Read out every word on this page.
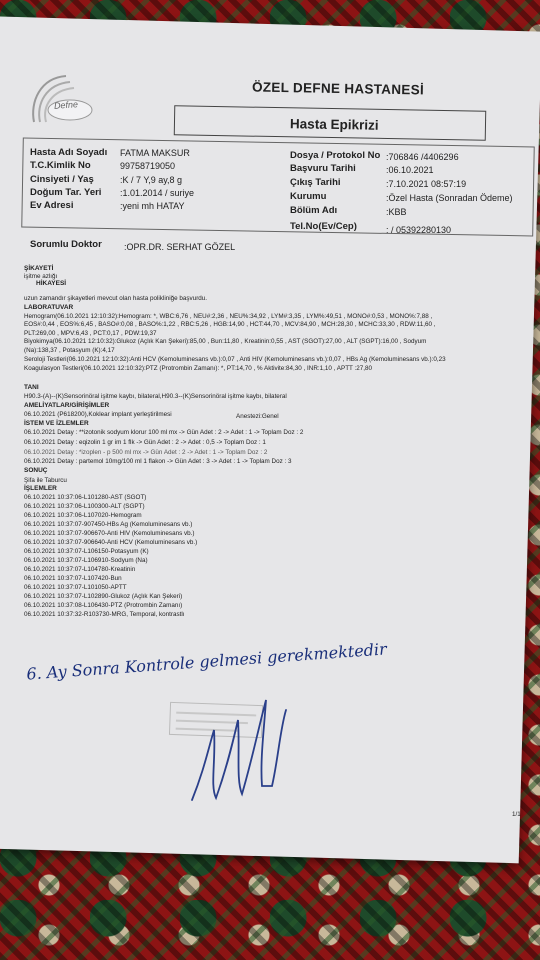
Defne
ÖZEL DEFNE HASTANESİ
Hasta Epikrizi
Hasta Adı Soyadı FATMA MAKSUR
T.C.Kimlik No	99758719050
Cinsiyeti / Yaş	:K / 7 Y,9 ay,8 g
Doğum Tar. Yeri :1.01.2014 / suriye
Ev Adresi	:yeni mh HATAY
Sorumlu Doktor :OPR.DR. SERHAT GÖZEL
Dosya / Protokol No :706846 /4406296
Başvuru Tarihi	:06.10.2021
Çıkış Tarihi	:7.10.2021 08:57:19
Kurumu	:Özel Hasta (Sonradan Ödeme)
Bölüm Adı	:KBB
Tel.No(Ev/Cep)	: / 05392280130
ŞİKAYETİ
işitme azlığı
HİKAYESİ
uzun zamandır şikayetleri mevcut olan hasta polikliniğe başvurdu.
LABORATUVAR
Hemogram(06.10.2021 12:10:32):Hemogram: *, WBC:6,76 , NEU#:2,36 , NEU%:34,92 , LYM#:3,35 , LYM%:49,51 , MONO#:0,53 , MONO%:7,88 ,
EOS#:0,44 , EOS%:6,45 , BASO#:0,08 , BASO%:1,22 , RBC:5,26 , HGB:14,90 , HCT:44,70 , MCV:84,90 , MCH:28,30 , MCHC:33,30 , RDW:11,60 ,
PLT:269,00 , MPV:6,43 , PCT:0,17 , PDW:19,37
Biyokimya(06.10.2021 12:10:32):Glukoz (Açlık Kan Şekeri):85,00 , Bun:11,80 , Kreatinin:0,55 , AST (SGOT):27,00 , ALT (SGPT):16,00 , Sodyum
(Na):138,37 , Potasyum (K):4,17
Seroloji Testleri(06.10.2021 12:10:32):Anti HCV (Kemoluminesans vb.):0,07 , Anti HIV (Kemoluminesans vb.):0,07 , HBs Ag (Kemoluminesans vb.):0,23
Koagulasyon Testleri(06.10.2021 12:10:32):PTZ (Protrombin Zamanı): *, PT:14,70 , % Aktivite:84,30 , INR:1,10 , APTT :27,80
TANI
H90.3-(A)--(K)Sensorinöral işitme kaybı, bilateral,H90.3--(K)Sensorinöral işitme kaybı, bilateral
AMELİYATLAR/GİRİŞİMLER
06.10.2021 (P618200),Koklear implant yerleştirilmesi	Anestezi:Genel
İSTEM VE İZLEMLER
06.10.2021 Detay : **izotonik sodyum klorur 100 ml mx -> Gün Adet : 2 -> Adet : 1 -> Toplam Doz : 2
06.10.2021 Detay : eqizolin 1 gr im 1 flk -> Gün Adet : 2 -> Adet : 0,5 -> Toplam Doz : 1
06.10.2021 Detay : *izoplen - p 500 ml mx -> Gün Adet : 2 -> Adet : 1 -> Toplam Doz : 2
06.10.2021 Detay : partemol 10mg/100 ml 1 flakon -> Gün Adet : 3 -> Adet : 1 -> Toplam Doz : 3
SONUÇ
Şifa ile Taburcu
İŞLEMLER
06.10.2021 10:37:06-L101280-AST (SGOT)
06.10.2021 10:37:06-L100300-ALT (SGPT)
06.10.2021 10:37:06-L107020-Hemogram
06.10.2021 10:37:07-907450-HBs Ag (Kemoluminesans vb.)
06.10.2021 10:37:07-906670-Anti HIV (Kemoluminesans vb.)
06.10.2021 10:37:07-906640-Anti HCV (Kemoluminesans vb.)
06.10.2021 10:37:07-L106150-Potasyum (K)
06.10.2021 10:37:07-L106910-Sodyum (Na)
06.10.2021 10:37:07-L104780-Kreatinin
06.10.2021 10:37:07-L107420-Bun
06.10.2021 10:37:07-L101050-APTT
06.10.2021 10:37:07-L102890-Glukoz (Açlık Kan Şekeri)
06.10.2021 10:37:08-L106430-PTZ (Protrombin Zamanı)
06.10.2021 10:37:32-R103730-MRG, Temporal, kontrastlı
6. Ay Sonra Kontrole gelmesi gerekmektedir
1/1
